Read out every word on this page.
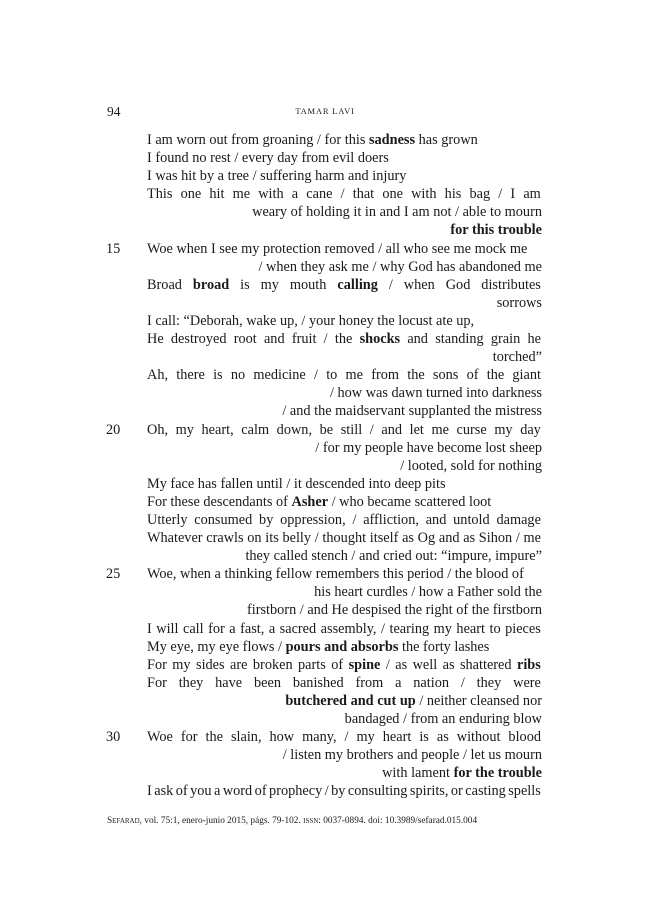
94	TAMAR LAVI
I am worn out from groaning / for this sadness has grown
I found no rest / every day from evil doers
I was hit by a tree / suffering harm and injury
This one hit me with a cane / that one with his bag / I am
weary of holding it in and I am not / able to mourn
for this trouble
15 Woe when I see my protection removed / all who see me mock me
/ when they ask me / why God has abandoned me
Broad broad is my mouth calling / when God distributes
sorrows
I call: “Deborah, wake up, / your honey the locust ate up,
He destroyed root and fruit / the shocks and standing grain he
torched”
Ah, there is no medicine / to me from the sons of the giant
/ how was dawn turned into darkness
/ and the maidservant supplanted the mistress
20 Oh, my heart, calm down, be still / and let me curse my day
/ for my people have become lost sheep
/ looted, sold for nothing
My face has fallen until / it descended into deep pits
For these descendants of Asher / who became scattered loot
Utterly consumed by oppression, / affliction, and untold damage
Whatever crawls on its belly / thought itself as Og and as Sihon / me
they called stench / and cried out: “impure, impure”
25 Woe, when a thinking fellow remembers this period / the blood of
his heart curdles / how a Father sold the
firstborn / and He despised the right of the firstborn
I will call for a fast, a sacred assembly, / tearing my heart to pieces
My eye, my eye flows / pours and absorbs the forty lashes
For my sides are broken parts of spine / as well as shattered ribs
For they have been banished from a nation / they were
butchered and cut up / neither cleansed nor
bandaged / from an enduring blow
30 Woe for the slain, how many, / my heart is as without blood
/ listen my brothers and people / let us mourn
with lament for the trouble
I ask of you a word of prophecy / by consulting spirits, or casting spells
Sefarad, vol. 75:1, enero-junio 2015, págs. 79-102. issn: 0037-0894. doi: 10.3989/sefarad.015.004
